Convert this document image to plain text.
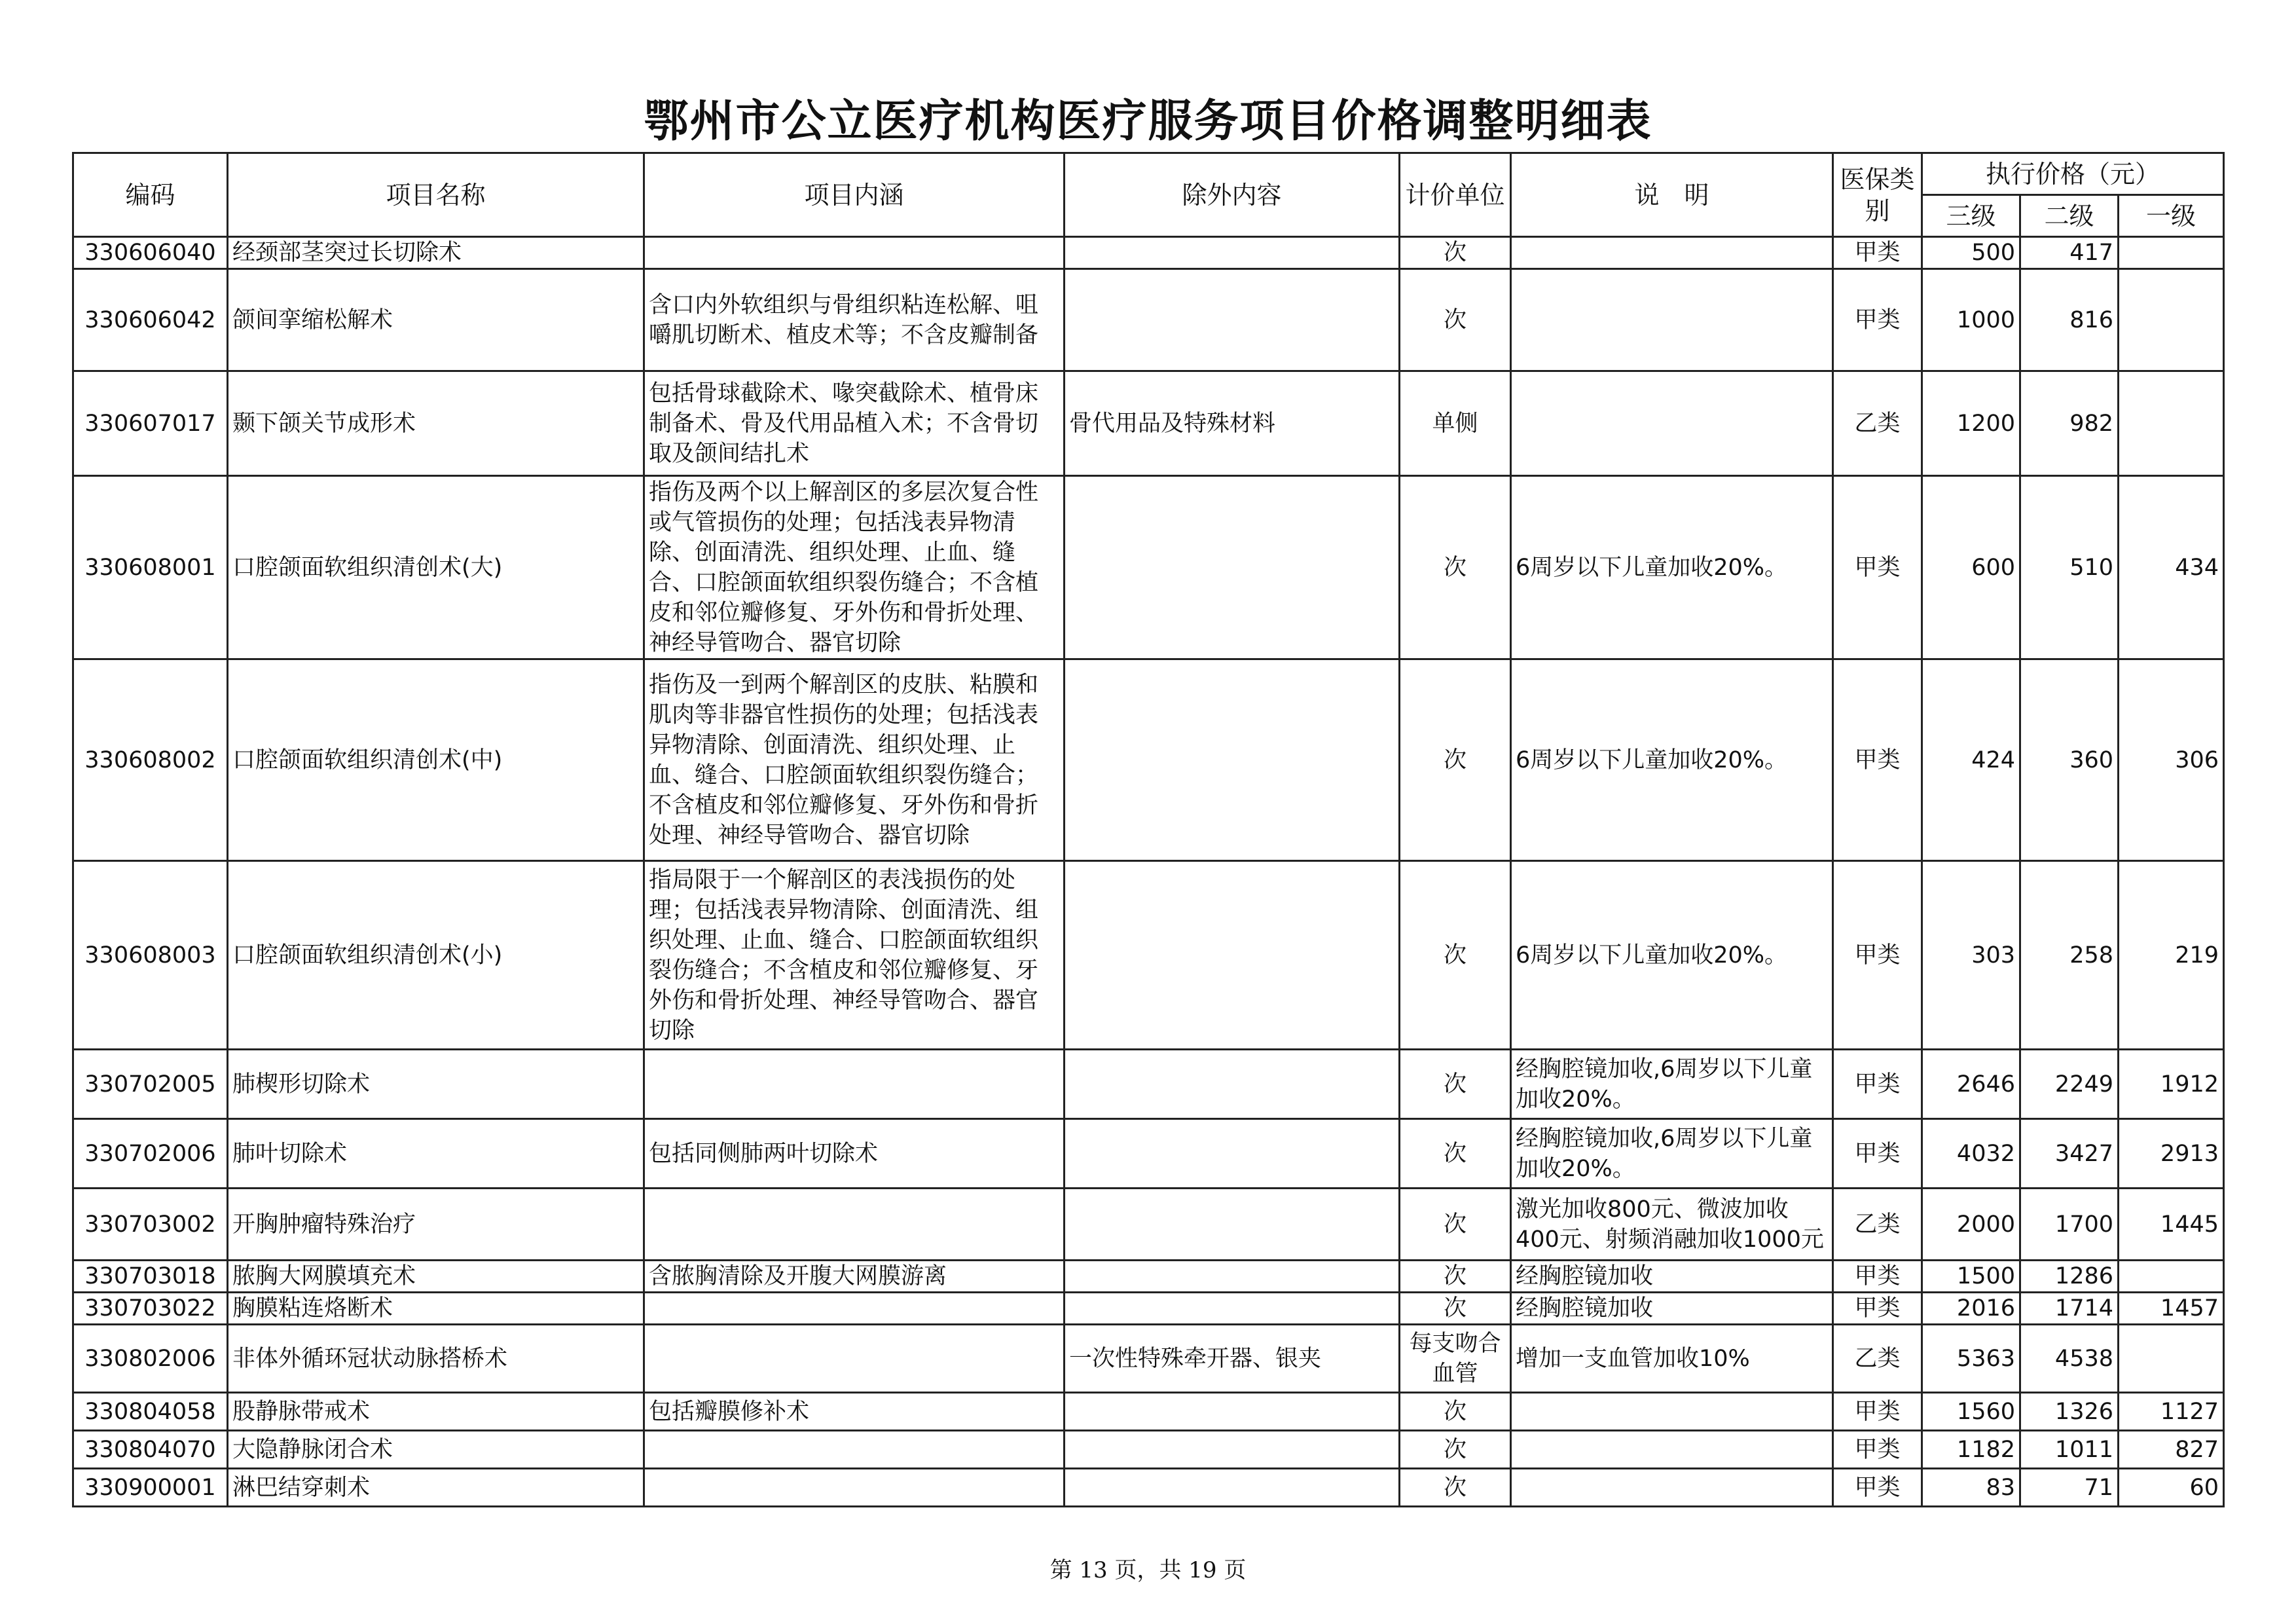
鄂州市公立医疗机构医疗服务项目价格调整明细表
编码	项目名称	项目内涵	除外内容	计价单位	说　明	医保类别	执行价格（元）		
							三级	二级	一级
330606040	经颈部茎突过长切除术			次		甲类	500	417	
330606042	颌间挛缩松解术	含口内外软组织与骨组织粘连松解、咀嚼肌切断术、植皮术等；不含皮瓣制备		次		甲类	1000	816	
330607017	颞下颌关节成形术	包括骨球截除术、喙突截除术、植骨床制备术、骨及代用品植入术；不含骨切取及颌间结扎术	骨代用品及特殊材料	单侧		乙类	1200	982	
330608001	口腔颌面软组织清创术(大)	指伤及两个以上解剖区的多层次复合性或气管损伤的处理；包括浅表异物清除、创面清洗、组织处理、止血、缝合、口腔颌面软组织裂伤缝合；不含植皮和邻位瓣修复、牙外伤和骨折处理、神经导管吻合、器官切除		次	6周岁以下儿童加收20%。	甲类	600	510	434
330608002	口腔颌面软组织清创术(中)	指伤及一到两个解剖区的皮肤、粘膜和肌肉等非器官性损伤的处理；包括浅表异物清除、创面清洗、组织处理、止血、缝合、口腔颌面软组织裂伤缝合；不含植皮和邻位瓣修复、牙外伤和骨折处理、神经导管吻合、器官切除		次	6周岁以下儿童加收20%。	甲类	424	360	306
330608003	口腔颌面软组织清创术(小)	指局限于一个解剖区的表浅损伤的处理；包括浅表异物清除、创面清洗、组织处理、止血、缝合、口腔颌面软组织裂伤缝合；不含植皮和邻位瓣修复、牙外伤和骨折处理、神经导管吻合、器官切除		次	6周岁以下儿童加收20%。	甲类	303	258	219
330702005	肺楔形切除术			次	经胸腔镜加收,6周岁以下儿童加收20%。	甲类	2646	2249	1912
330702006	肺叶切除术	包括同侧肺两叶切除术		次	经胸腔镜加收,6周岁以下儿童加收20%。	甲类	4032	3427	2913
330703002	开胸肿瘤特殊治疗			次	激光加收800元、微波加收400元、射频消融加收1000元	乙类	2000	1700	1445
330703018	脓胸大网膜填充术	含脓胸清除及开腹大网膜游离		次	经胸腔镜加收	甲类	1500	1286	
330703022	胸膜粘连烙断术			次	经胸腔镜加收	甲类	2016	1714	1457
330802006	非体外循环冠状动脉搭桥术		一次性特殊牵开器、银夹	每支吻合血管	增加一支血管加收10%	乙类	5363	4538	
330804058	股静脉带戒术	包括瓣膜修补术		次		甲类	1560	1326	1127
330804070	大隐静脉闭合术			次		甲类	1182	1011	827
330900001	淋巴结穿刺术			次		甲类	83	71	60
第 13 页，共 19 页
